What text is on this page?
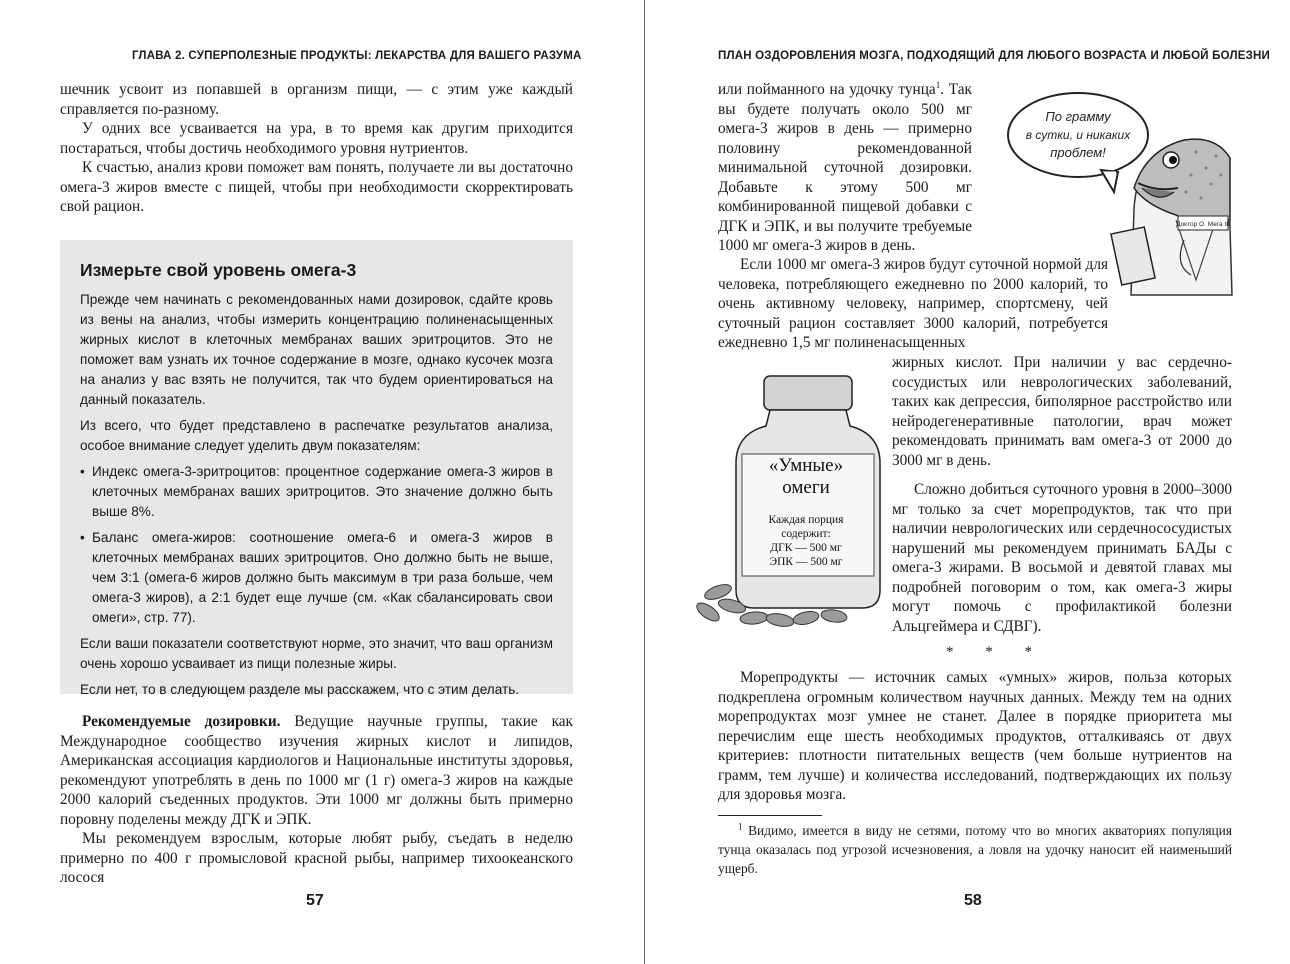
ГЛАВА 2. СУПЕРПОЛЕЗНЫЕ ПРОДУКТЫ: ЛЕКАРСТВА ДЛЯ ВАШЕГО РАЗУМА

шечник усвоит из попавшей в организм пищи, — с этим уже каждый справляется по-разному.

У одних все усваивается на ура, в то время как другим приходится постараться, чтобы достичь необходимого уровня нутриентов.

К счастью, анализ крови поможет вам понять, получаете ли вы достаточно омега-3 жиров вместе с пищей, чтобы при необходимости скорректировать свой рацион.

Измерьте свой уровень омега-3

Прежде чем начинать с рекомендованных нами дозировок, сдайте кровь из вены на анализ, чтобы измерить концентрацию полиненасыщенных жирных кислот в клеточных мембранах ваших эритроцитов. Это не поможет вам узнать их точное содержание в мозге, однако кусочек мозга на анализ у вас взять не получится, так что будем ориентироваться на данный показатель.

Из всего, что будет представлено в распечатке результатов анализа, особое внимание следует уделить двум показателям:

• Индекс омега-3-эритроцитов: процентное содержание омега-3 жиров в клеточных мембранах ваших эритроцитов. Это значение должно быть выше 8%.
• Баланс омега-жиров: соотношение омега-6 и омега-3 жиров в клеточных мембранах ваших эритроцитов. Оно должно быть не выше, чем 3:1 (омега-6 жиров должно быть максимум в три раза больше, чем омега-3 жиров), а 2:1 будет еще лучше (см. «Как сбалансировать свои омеги», стр. 77).

Если ваши показатели соответствуют норме, это значит, что ваш организм очень хорошо усваивает из пищи полезные жиры.

Если нет, то в следующем разделе мы расскажем, что с этим делать.

Рекомендуемые дозировки. Ведущие научные группы, такие как Международное сообщество изучения жирных кислот и липидов, Американская ассоциация кардиологов и Национальные институты здоровья, рекомендуют употреблять в день по 1000 мг (1 г) омега-3 жиров на каждые 2000 калорий съеденных продуктов. Эти 1000 мг должны быть примерно поровну поделены между ДГК и ЭПК.

Мы рекомендуем взрослым, которые любят рыбу, съедать в неделю примерно по 400 г промысловой красной рыбы, например тихоокеанского лосося

57
ПЛАН ОЗДОРОВЛЕНИЯ МОЗГА, ПОДХОДЯЩИЙ ДЛЯ ЛЮБОГО ВОЗРАСТА И ЛЮБОЙ БОЛЕЗНИ
Доктор О. Мега III
По грамму
в сутки, и никаких
проблем!
«Умные»
омеги
Каждая порция
содержит:
ДГК — 500 мг
ЭПК — 500 мг

или пойманного на удочку тунца$^1$. Так вы будете получать около 500 мг омега-3 жиров в день — примерно половину рекомендованной минимальной суточной дозировки. Добавьте к этому 500 мг комбинированной пищевой добавки с ДГК и ЭПК, и вы получите требуемые 1000 мг омега-3 жиров в день.

Если 1000 мг омега-3 жиров будут суточной нормой для человека, потребляющего ежедневно по 2000 калорий, то очень активному человеку, например, спортсмену, чей суточный рацион составляет 3000 калорий, потребуется ежедневно 1,5 мг полиненасыщенных

жирных кислот. При наличии у вас сердечно-сосудистых или неврологических заболеваний, таких как депрессия, биполярное расстройство или нейродегенеративные патологии, врач может рекомендовать принимать вам омега-3 от 2000 до 3000 мг в день.

Сложно добиться суточного уровня в 2000–3000 мг только за счет морепродуктов, так что при наличии неврологических или сердечнососудистых нарушений мы рекомендуем принимать БАДы с омега-3 жирами. В восьмой и девятой главах мы подробней поговорим о том, как омега-3 жиры могут помочь с профилактикой болезни Альцгеймера и СДВГ).

* * *

Морепродукты — источник самых «умных» жиров, польза которых подкреплена огромным количеством научных данных. Между тем на одних морепродуктах мозг умнее не станет. Далее в порядке приоритета мы перечислим еще шесть необходимых продуктов, отталкиваясь от двух критериев: плотности питательных веществ (чем больше нутриентов на грамм, тем лучше) и количества исследований, подтверждающих их пользу для здоровья мозга.

$^1$ Видимо, имеется в виду не сетями, потому что во многих акваториях популяция тунца оказалась под угрозой исчезновения, а ловля на удочку наносит ей наименьший ущерб.

58
